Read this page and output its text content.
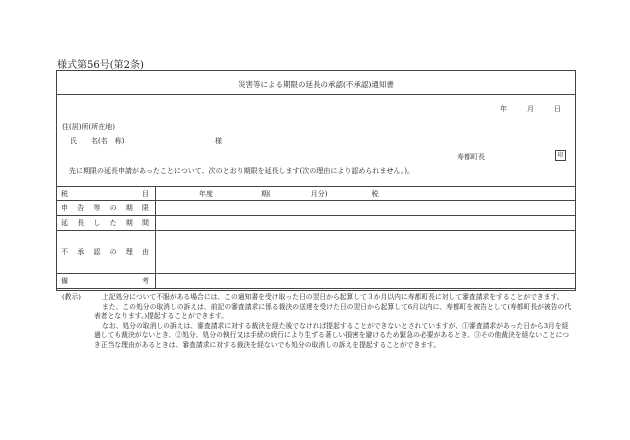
様式第56号(第2条)
災害等による期限の延長の承認(不承認)通知書
年	月	日
住(居)所(所在地)
氏　　名(名　称)	様
寿都町長	印
先に期限の延長申請があったことについて、次のとおり期限を延長します(次の理由により認められません。)。
税　　　　　　　目	年度 期( 月分) 税

申告等の期限	
延長した期間	
不承認の理由	
備　　　　　　考	
(教示)	上記処分について不服がある場合には、この通知書を受け取った日の翌日から起算して３か月以内に寿都町長に対して審査請求をすることができます。
また、この処分の取消しの訴えは、前記の審査請求に係る裁決の送達を受けた日の翌日から起算して6月以内に、寿都町を被告として(寿都町長が被告の代表者となります。)提起することができます。
なお、処分の取消しの訴えは、審査請求に対する裁決を経た後でなければ提起することができないとされていますが、①審査請求があった日から3月を経過しても裁決がないとき、②処分、処分の執行又は手続の続行により生ずる著しい損害を避けるため緊急の必要があるとき、③その他裁決を経ないことにつき正当な理由があるときは、審査請求に対する裁決を経ないでも処分の取消しの訴えを提起することができます。
